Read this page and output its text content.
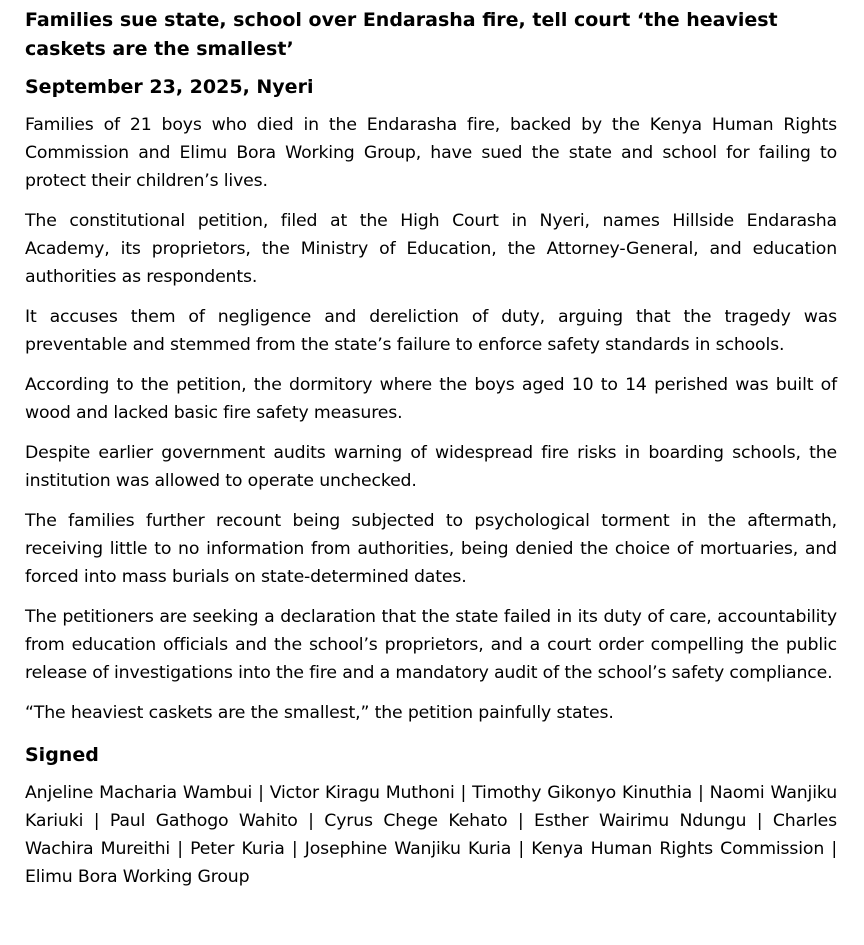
Families sue state, school over Endarasha fire, tell court ‘the heaviest caskets are the smallest’
September 23, 2025, Nyeri

Families of 21 boys who died in the Endarasha fire, backed by the Kenya Human Rights Commission and Elimu Bora Working Group, have sued the state and school for failing to protect their children’s lives.

The constitutional petition, filed at the High Court in Nyeri, names Hillside Endarasha Academy, its proprietors, the Ministry of Education, the Attorney-General, and education authorities as respondents.

It accuses them of negligence and dereliction of duty, arguing that the tragedy was preventable and stemmed from the state’s failure to enforce safety standards in schools.

According to the petition, the dormitory where the boys aged 10 to 14 perished was built of wood and lacked basic fire safety measures.

Despite earlier government audits warning of widespread fire risks in boarding schools, the institution was allowed to operate unchecked.

The families further recount being subjected to psychological torment in the aftermath, receiving little to no information from authorities, being denied the choice of mortuaries, and forced into mass burials on state-determined dates.

The petitioners are seeking a declaration that the state failed in its duty of care, accountability from education officials and the school’s proprietors, and a court order compelling the public release of investigations into the fire and a mandatory audit of the school’s safety compliance.

“The heaviest caskets are the smallest,” the petition painfully states.

Signed

Anjeline Macharia Wambui | Victor Kiragu Muthoni | Timothy Gikonyo Kinuthia | Naomi Wanjiku Kariuki | Paul Gathogo Wahito | Cyrus Chege Kehato | Esther Wairimu Ndungu | Charles Wachira Mureithi | Peter Kuria | Josephine Wanjiku Kuria | Kenya Human Rights Commission | Elimu Bora Working Group
